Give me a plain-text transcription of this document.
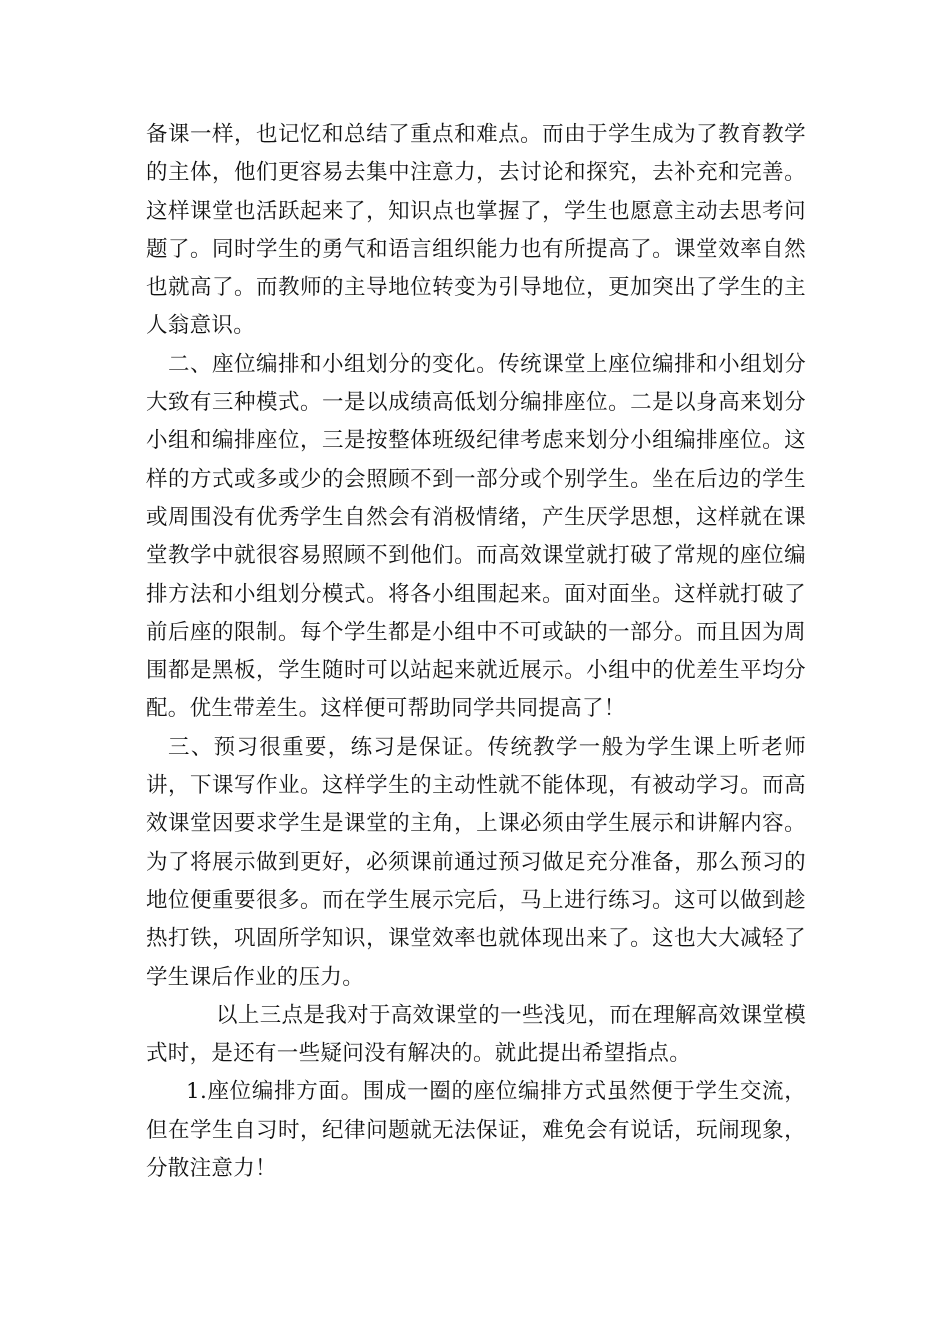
备课一样，也记忆和总结了重点和难点。而由于学生成为了教育教学的主体，他们更容易去集中注意力，去讨论和探究，去补充和完善。这样课堂也活跃起来了，知识点也掌握了，学生也愿意主动去思考问题了。同时学生的勇气和语言组织能力也有所提高了。课堂效率自然也就高了。而教师的主导地位转变为引导地位，更加突出了学生的主人翁意识。

二、座位编排和小组划分的变化。传统课堂上座位编排和小组划分大致有三种模式。一是以成绩高低划分编排座位。二是以身高来划分小组和编排座位，三是按整体班级纪律考虑来划分小组编排座位。这样的方式或多或少的会照顾不到一部分或个别学生。坐在后边的学生或周围没有优秀学生自然会有消极情绪，产生厌学思想，这样就在课堂教学中就很容易照顾不到他们。而高效课堂就打破了常规的座位编排方法和小组划分模式。将各小组围起来。面对面坐。这样就打破了前后座的限制。每个学生都是小组中不可或缺的一部分。而且因为周围都是黑板，学生随时可以站起来就近展示。小组中的优差生平均分配。优生带差生。这样便可帮助同学共同提高了！

三、预习很重要，练习是保证。传统教学一般为学生课上听老师讲，下课写作业。这样学生的主动性就不能体现，有被动学习。而高效课堂因要求学生是课堂的主角，上课必须由学生展示和讲解内容。为了将展示做到更好，必须课前通过预习做足充分准备，那么预习的地位便重要很多。而在学生展示完后，马上进行练习。这可以做到趁热打铁，巩固所学知识，课堂效率也就体现出来了。这也大大减轻了学生课后作业的压力。

以上三点是我对于高效课堂的一些浅见，而在理解高效课堂模式时，是还有一些疑问没有解决的。就此提出希望指点。

1.座位编排方面。围成一圈的座位编排方式虽然便于学生交流，但在学生自习时，纪律问题就无法保证，难免会有说话，玩闹现象，分散注意力！
